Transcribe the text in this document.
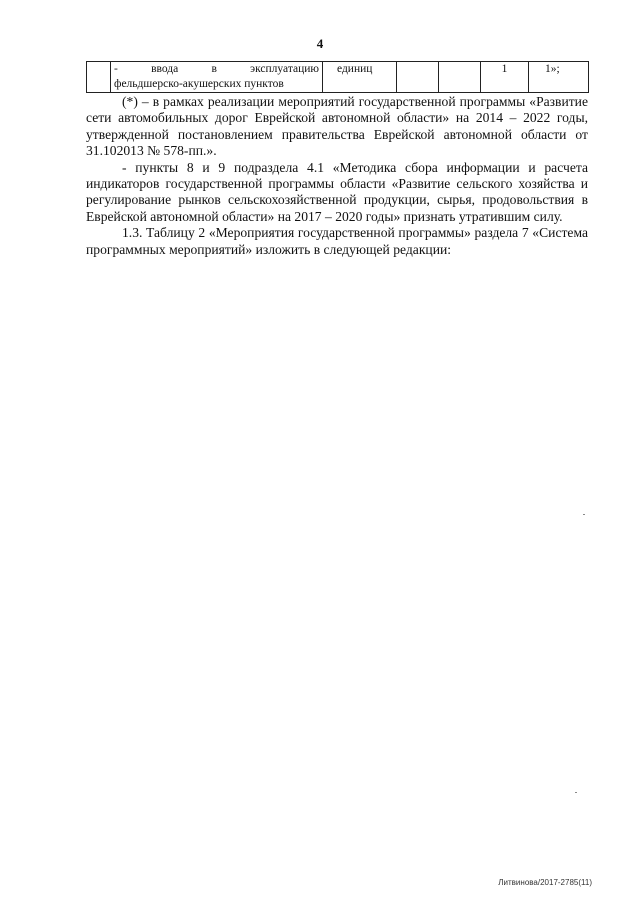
4
	- ввода в эксплуатацию
фельдшерско-акушерских пунктов
	единиц			1	1»;

(*) – в рамках реализации мероприятий государственной программы «Развитие сети автомобильных дорог Еврейской автономной области» на 2014 – 2022 годы, утвержденной постановлением правительства Еврейской автономной области от 31.102013 № 578-пп.».

- пункты 8 и 9 подраздела 4.1 «Методика сбора информации и расчета индикаторов государственной программы области «Развитие сельского хозяйства и регулирование рынков сельскохозяйственной продукции, сырья, продовольствия в Еврейской автономной области» на 2017 – 2020 годы» признать утратившим силу.

1.3. Таблицу 2 «Мероприятия государственной программы» раздела 7 «Система программных мероприятий» изложить в следующей редакции:

Литвинова/2017-2785(11)
